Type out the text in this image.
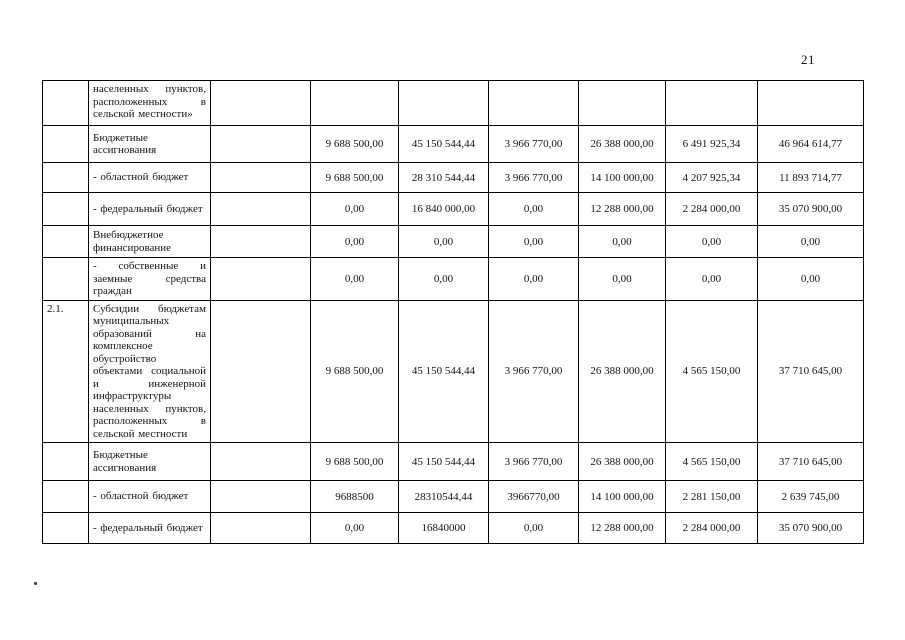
21
	населенных пунктов, расположенных в сельской местности»							
	Бюджетные ассигнования		9 688 500,00	45 150 544,44	3 966 770,00	26 388 000,00	6 491 925,34	46 964 614,77
	- областной бюджет		9 688 500,00	28 310 544,44	3 966 770,00	14 100 000,00	4 207 925,34	11 893 714,77
	- федеральный бюджет		0,00	16 840 000,00	0,00	12 288 000,00	2 284 000,00	35 070 900,00
	Внебюджетное финансирование		0,00	0,00	0,00	0,00	0,00	0,00
	- собственные и заемные средства граждан		0,00	0,00	0,00	0,00	0,00	0,00
2.1.	Субсидии бюджетам муниципальных образований на комплексное обустройство объектами социальной и инженерной инфраструктуры населенных пунктов, расположенных в сельской местности		9 688 500,00	45 150 544,44	3 966 770,00	26 388 000,00	4 565 150,00	37 710 645,00
	Бюджетные ассигнования		9 688 500,00	45 150 544,44	3 966 770,00	26 388 000,00	4 565 150,00	37 710 645,00
	- областной бюджет		9688500	28310544,44	3966770,00	14 100 000,00	2 281 150,00	2 639 745,00
	- федеральный бюджет		0,00	16840000	0,00	12 288 000,00	2 284 000,00	35 070 900,00
